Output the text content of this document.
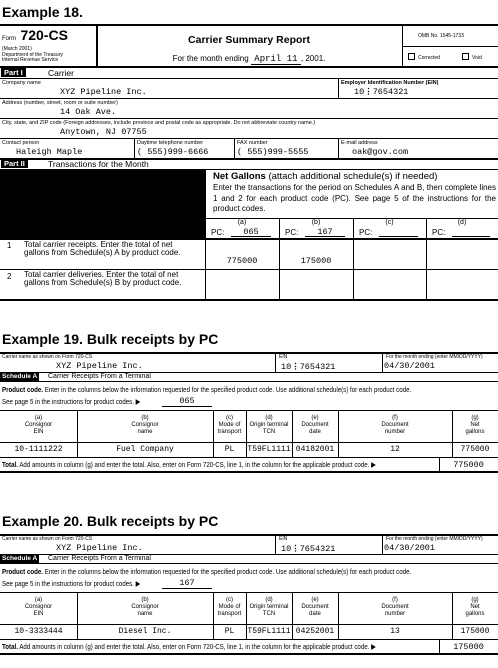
Example 18.
Form 720-CS
(March 2001)
Department of the Treasury
Internal Revenue Service
Carrier Summary Report
For the month ending April 11 , 2001.
OMB No. 1545-1733
Corrected	Void
Part I	Carrier
Company name
XYZ Pipeline Inc.
Employer Identification Number (EIN)
10⋮7654321
Address (number, street, room or suite number)
14 Oak Ave.
City, state, and ZIP code (Foreign addresses, include province and postal code as appropriate. Do not abbreviate country name.)
Anytown, NJ 07755
Contact person
Haleigh Maple
Daytime telephone number
( 555)999-6666
FAX number
( 555)999-5555
E-mail address
oak@gov.com
Part II	Transactions for the Month
Net Gallons (attach additional schedule(s) if needed)
Enter the transactions for the period on Schedules A and B, then complete lines 1 and 2 for each product code (PC). See page 5 of the instructions for the product codes.
(a)
PC:	065
(b)
PC:	167
(c)
PC:
(d)
PC:
1 Total carrier receipts. Enter the total of net gallons from Schedule(s) A by product code.
775000	175000
2 Total carrier deliveries. Enter the total of net gallons from Schedule(s) B by product code.
Example 19. Bulk receipts by PC
Carrier name as shown on Form 720-CS
XYZ Pipeline Inc.
EIN
10⋮7654321
For the month ending (enter MM/DD/YYYY)
04/30/2001
Schedule A Carrier Receipts From a Terminal
Product code. Enter in the columns below the information requested for the specified product code. Use additional schedule(s) for each product code.
See page 5 in the instructions for product codes. ▶	065
(a)
Consignor
EIN
(b)
Consignor
name
(c)
Mode of
transport
(d)
Origin terminal
TCN
(e)
Document
date
(f)
Document
number
(g)
Net
gallons
10-1111222	Fuel Company	PL	T59FL1111 04182001	12	775000
Total. Add amounts in column (g) and enter the total. Also, enter on Form 720-CS, line 1, in the column for the applicable product code. ▶	775000
Example 20. Bulk receipts by PC
Carrier name as shown on Form 720-CS
XYZ Pipeline Inc.
EIN
10⋮7654321
For the month ending (enter MM/DD/YYYY)
04/30/2001
Schedule A Carrier Receipts From a Terminal
Product code. Enter in the columns below the information requested for the specified product code. Use additional schedule(s) for each product code.
See page 5 in the instructions for product codes. ▶	167
(a)
Consignor
EIN
(b)
Consignor
name
(c)
Mode of
transport
(d)
Origin terminal
TCN
(e)
Document
date
(f)
Document
number
(g)
Net
gallons
10-3333444	Diesel Inc.	PL	T59FL1111 04252001	13	175000
Total. Add amounts in column (g) and enter the total. Also, enter on Form 720-CS, line 1, in the column for the applicable product code. ▶	175000
